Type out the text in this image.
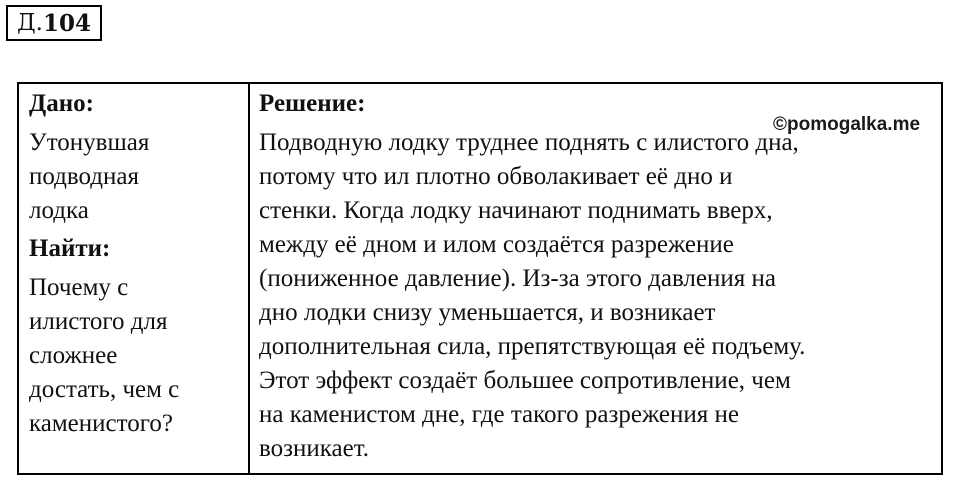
Д. 104
Дано:
Утонувшая
подводная
лодка
Найти:
Почему с
илистого для
сложнее
достать, чем с
каменистого?
Решение:
Подводную лодку труднее поднять с илистого дна,
потому что ил плотно обволакивает её дно и
стенки. Когда лодку начинают поднимать вверх,
между её дном и илом создаётся разрежение
(пониженное давление). Из-за этого давления на
дно лодки снизу уменьшается, и возникает
дополнительная сила, препятствующая её подъему.
Этот эффект создаёт большее сопротивление, чем
на каменистом дне, где такого разрежения не
возникает.
©pomogalka.me
